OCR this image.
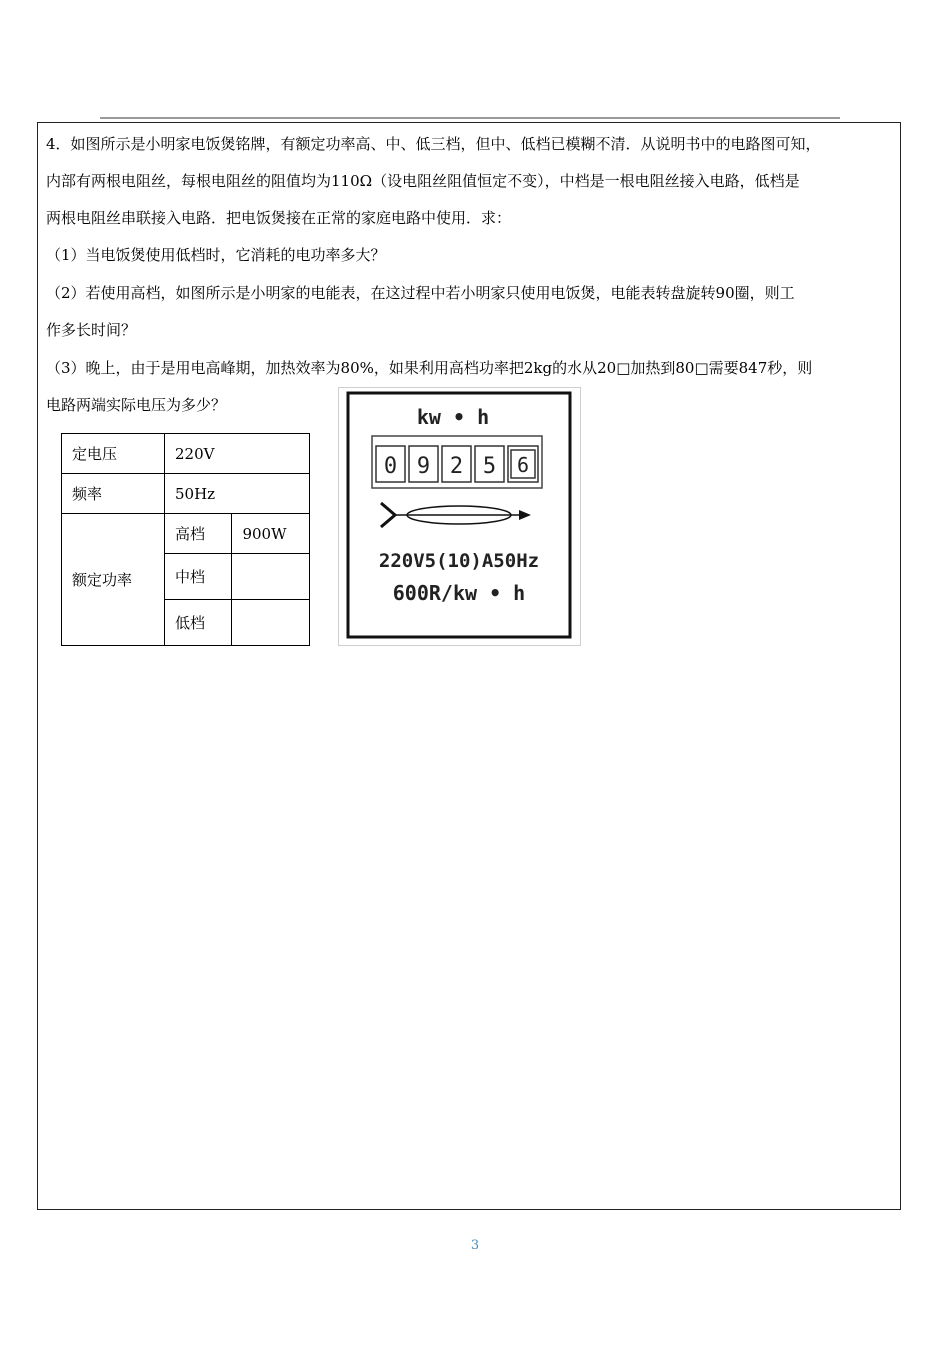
4．如图所示是小明家电饭煲铭牌，有额定功率高、中、低三档，但中、低档已模糊不清．从说明书中的电路图可知，
内部有两根电阻丝，每根电阻丝的阻值均为110Ω（设电阻丝阻值恒定不变），中档是一根电阻丝接入电路，低档是
两根电阻丝串联接入电路．把电饭煲接在正常的家庭电路中使用．求：
（1）当电饭煲使用低档时，它消耗的电功率多大？
（2）若使用高档，如图所示是小明家的电能表，在这过程中若小明家只使用电饭煲，电能表转盘旋转90圈，则工
作多长时间？
（3）晚上，由于是用电高峰期，加热效率为80%，如果利用高档功率把2kg的水从20□加热到80□需要847秒，则
电路两端实际电压为多少？
定电压	220V	
频率	50Hz	
额定功率	高档	900W
	中档	
	低档	
kw • h
0 9 2 5 6
220V5(10)A50Hz
600R/kw • h
3
